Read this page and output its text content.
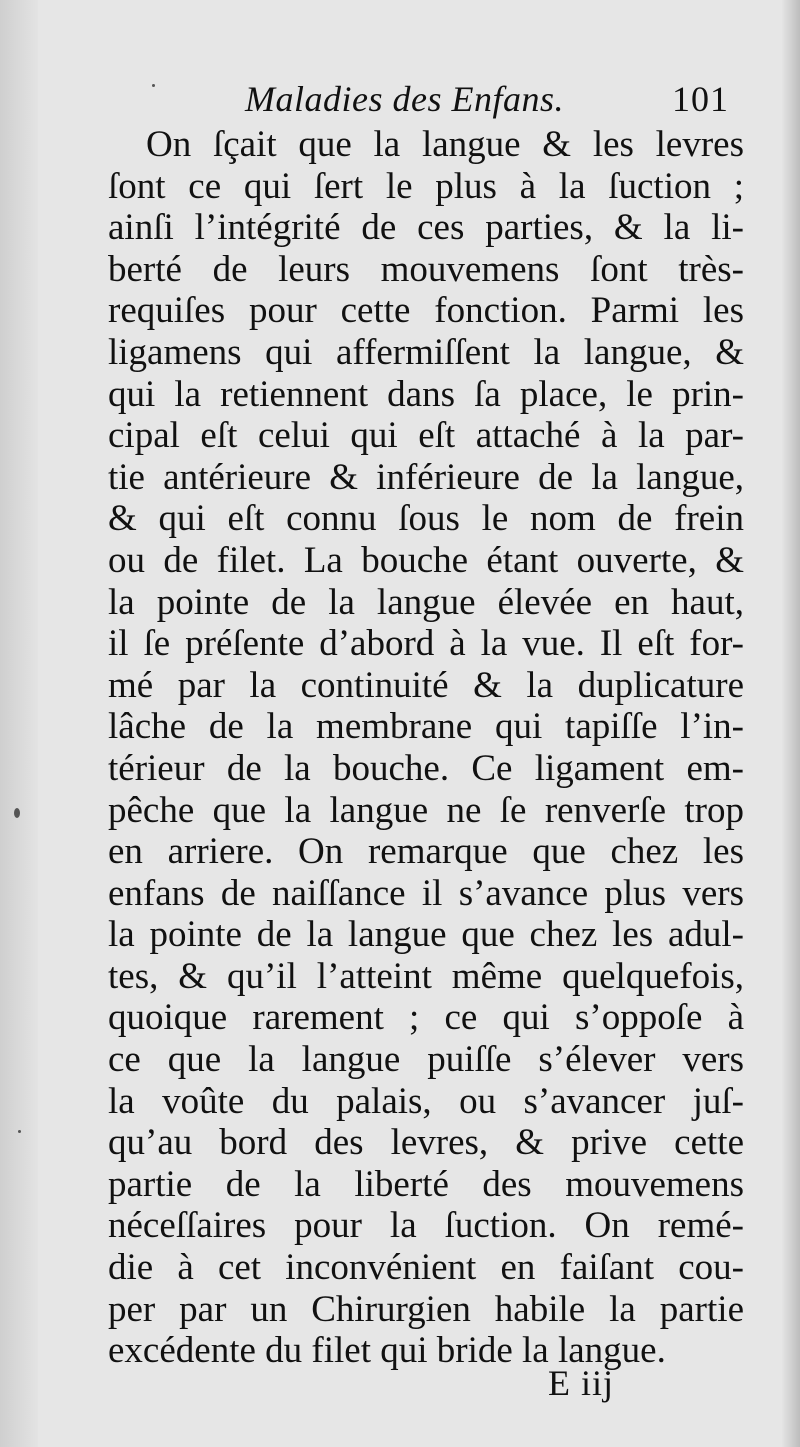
Maladies des Enfans.	101
On ſçait que la langue & les levres
ſont ce qui ſert le plus à la ſuction ;
ainſi l’intégrité de ces parties, & la li-
berté de leurs mouvemens ſont très-
requiſes pour cette fonction. Parmi les
ligamens qui affermiſſent la langue, &
qui la retiennent dans ſa place, le prin-
cipal eſt celui qui eſt attaché à la par-
tie antérieure & inférieure de la langue,
& qui eſt connu ſous le nom de frein
ou de filet. La bouche étant ouverte, &
la pointe de la langue élevée en haut,
il ſe préſente d’abord à la vue. Il eſt for-
mé par la continuité & la duplicature
lâche de la membrane qui tapiſſe l’in-
térieur de la bouche. Ce ligament em-
pêche que la langue ne ſe renverſe trop
en arriere. On remarque que chez les
enfans de naiſſance il s’avance plus vers
la pointe de la langue que chez les adul-
tes, & qu’il l’atteint même quelquefois,
quoique rarement ; ce qui s’oppoſe à
ce que la langue puiſſe s’élever vers
la voûte du palais, ou s’avancer juſ-
qu’au bord des levres, & prive cette
partie de la liberté des mouvemens
néceſſaires pour la ſuction. On remé-
die à cet inconvénient en faiſant cou-
per par un Chirurgien habile la partie
excédente du filet qui bride la langue.
E iij
